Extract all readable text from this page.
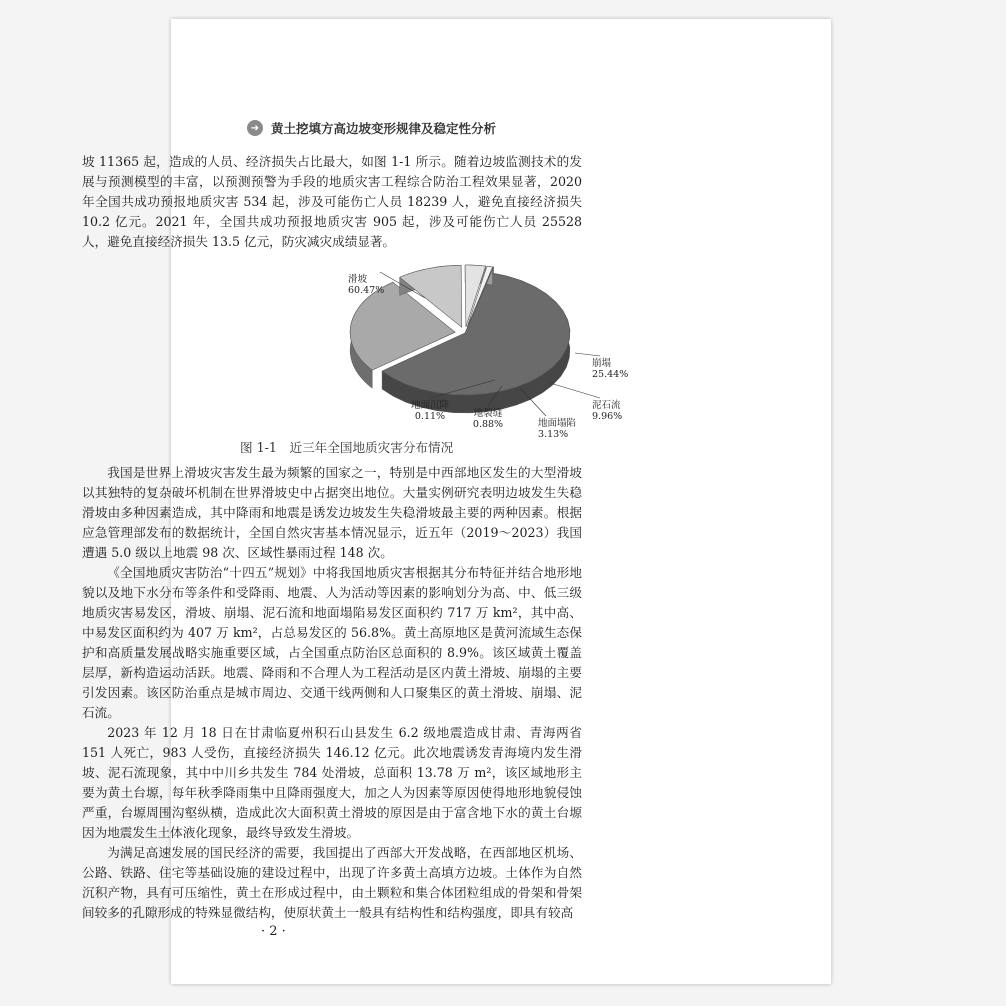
➜ 黄土挖填方高边坡变形规律及稳定性分析

坡 11365 起，造成的人员、经济损失占比最大，如图 1-1 所示。随着边坡监测技术的发展与预测模型的丰富，以预测预警为手段的地质灾害工程综合防治工程效果显著，2020 年全国共成功预报地质灾害 534 起，涉及可能伤亡人员 18239 人，避免直接经济损失 10.2 亿元。2021 年，全国共成功预报地质灾害 905 起，涉及可能伤亡人员 25528 人，避免直接经济损失 13.5 亿元，防灾减灾成绩显著。

滑坡
60.47%
崩塌
25.44%
泥石流
9.96%
地面塌陷
3.13%
地裂缝
0.88%
地面沉降
0.11%
图 1-1　近三年全国地质灾害分布情况

我国是世界上滑坡灾害发生最为频繁的国家之一，特别是中西部地区发生的大型滑坡以其独特的复杂破坏机制在世界滑坡史中占据突出地位。大量实例研究表明边坡发生失稳滑坡由多种因素造成，其中降雨和地震是诱发边坡发生失稳滑坡最主要的两种因素。根据应急管理部发布的数据统计，全国自然灾害基本情况显示，近五年（2019～2023）我国遭遇 5.0 级以上地震 98 次、区域性暴雨过程 148 次。

《全国地质灾害防治“十四五”规划》中将我国地质灾害根据其分布特征并结合地形地貌以及地下水分布等条件和受降雨、地震、人为活动等因素的影响划分为高、中、低三级地质灾害易发区，滑坡、崩塌、泥石流和地面塌陷易发区面积约 717 万 km²，其中高、中易发区面积约为 407 万 km²，占总易发区的 56.8%。黄土高原地区是黄河流域生态保护和高质量发展战略实施重要区域，占全国重点防治区总面积的 8.9%。该区域黄土覆盖层厚，新构造运动活跃。地震、降雨和不合理人为工程活动是区内黄土滑坡、崩塌的主要引发因素。该区防治重点是城市周边、交通干线两侧和人口聚集区的黄土滑坡、崩塌、泥石流。

2023 年 12 月 18 日在甘肃临夏州积石山县发生 6.2 级地震造成甘肃、青海两省 151 人死亡，983 人受伤，直接经济损失 146.12 亿元。此次地震诱发青海境内发生滑坡、泥石流现象，其中中川乡共发生 784 处滑坡，总面积 13.78 万 m²，该区域地形主要为黄土台塬，每年秋季降雨集中且降雨强度大，加之人为因素等原因使得地形地貌侵蚀严重，台塬周围沟壑纵横，造成此次大面积黄土滑坡的原因是由于富含地下水的黄土台塬因为地震发生土体液化现象，最终导致发生滑坡。

为满足高速发展的国民经济的需要，我国提出了西部大开发战略，在西部地区机场、公路、铁路、住宅等基础设施的建设过程中，出现了许多黄土高填方边坡。土体作为自然沉积产物，具有可压缩性，黄土在形成过程中，由土颗粒和集合体团粒组成的骨架和骨架间较多的孔隙形成的特殊显微结构，使原状黄土一般具有结构性和结构强度，即具有较高

· 2 ·
